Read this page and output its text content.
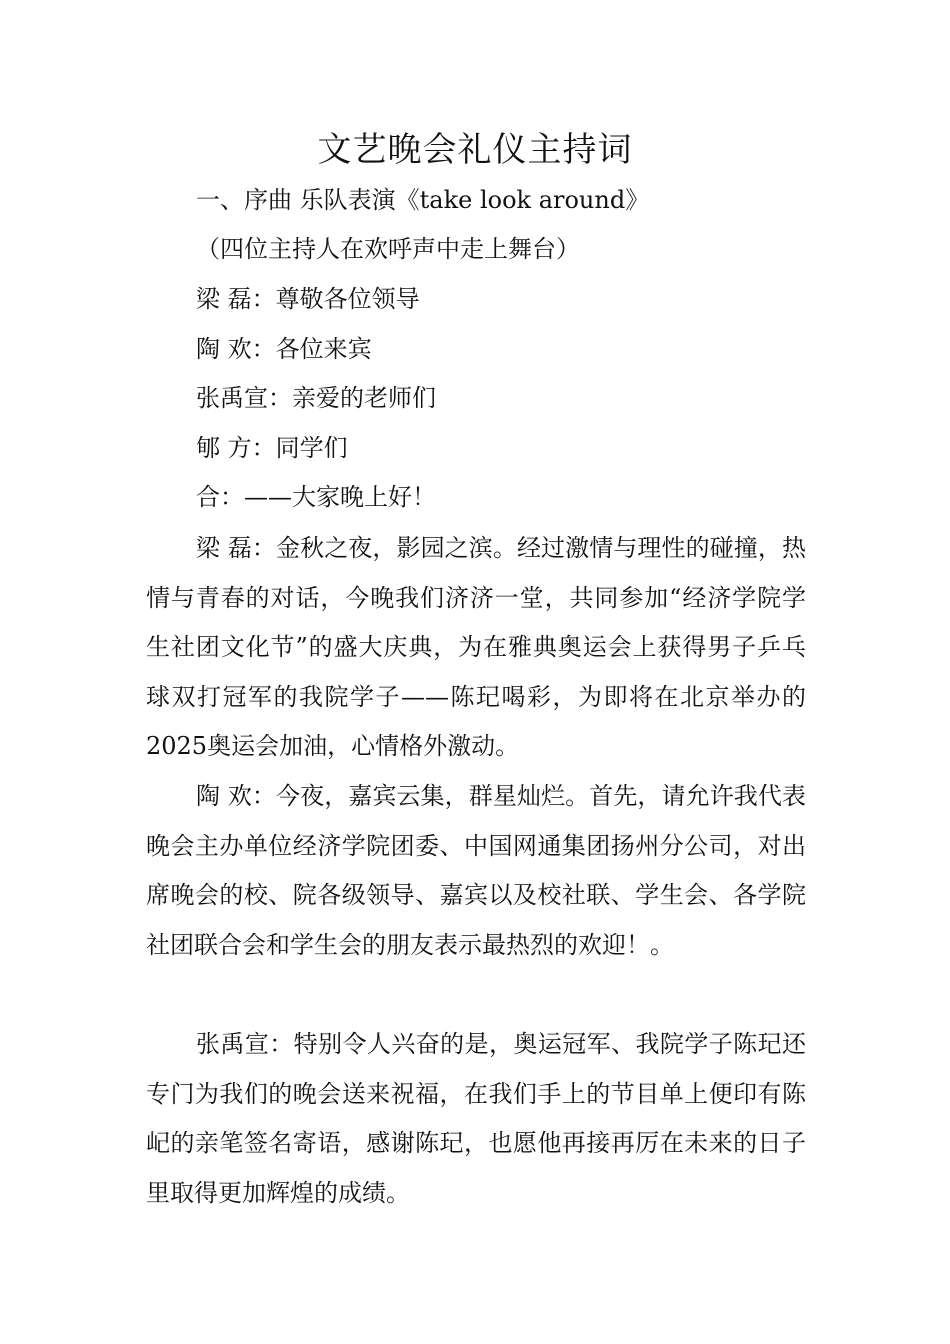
文艺晚会礼仪主持词

一、序曲 乐队表演《take look around》

（四位主持人在欢呼声中走上舞台）

梁 磊：尊敬各位领导

陶 欢：各位来宾

张禹宣：亲爱的老师们

郇 方：同学们

合：——大家晚上好！

梁 磊：金秋之夜，影园之滨。经过激情与理性的碰撞，热情与青春的对话，今晚我们济济一堂，共同参加“经济学院学生社团文化节”的盛大庆典，为在雅典奥运会上获得男子乒乓球双打冠军的我院学子——陈玘喝彩，为即将在北京举办的2025奥运会加油，心情格外激动。

陶 欢：今夜，嘉宾云集，群星灿烂。首先，请允许我代表晚会主办单位经济学院团委、中国网通集团扬州分公司，对出席晚会的校、院各级领导、嘉宾以及校社联、学生会、各学院社团联合会和学生会的朋友表示最热烈的欢迎！。

张禹宣：特别令人兴奋的是，奥运冠军、我院学子陈玘还专门为我们的晚会送来祝福，在我们手上的节目单上便印有陈屺的亲笔签名寄语，感谢陈玘，也愿他再接再厉在未来的日子里取得更加辉煌的成绩。
